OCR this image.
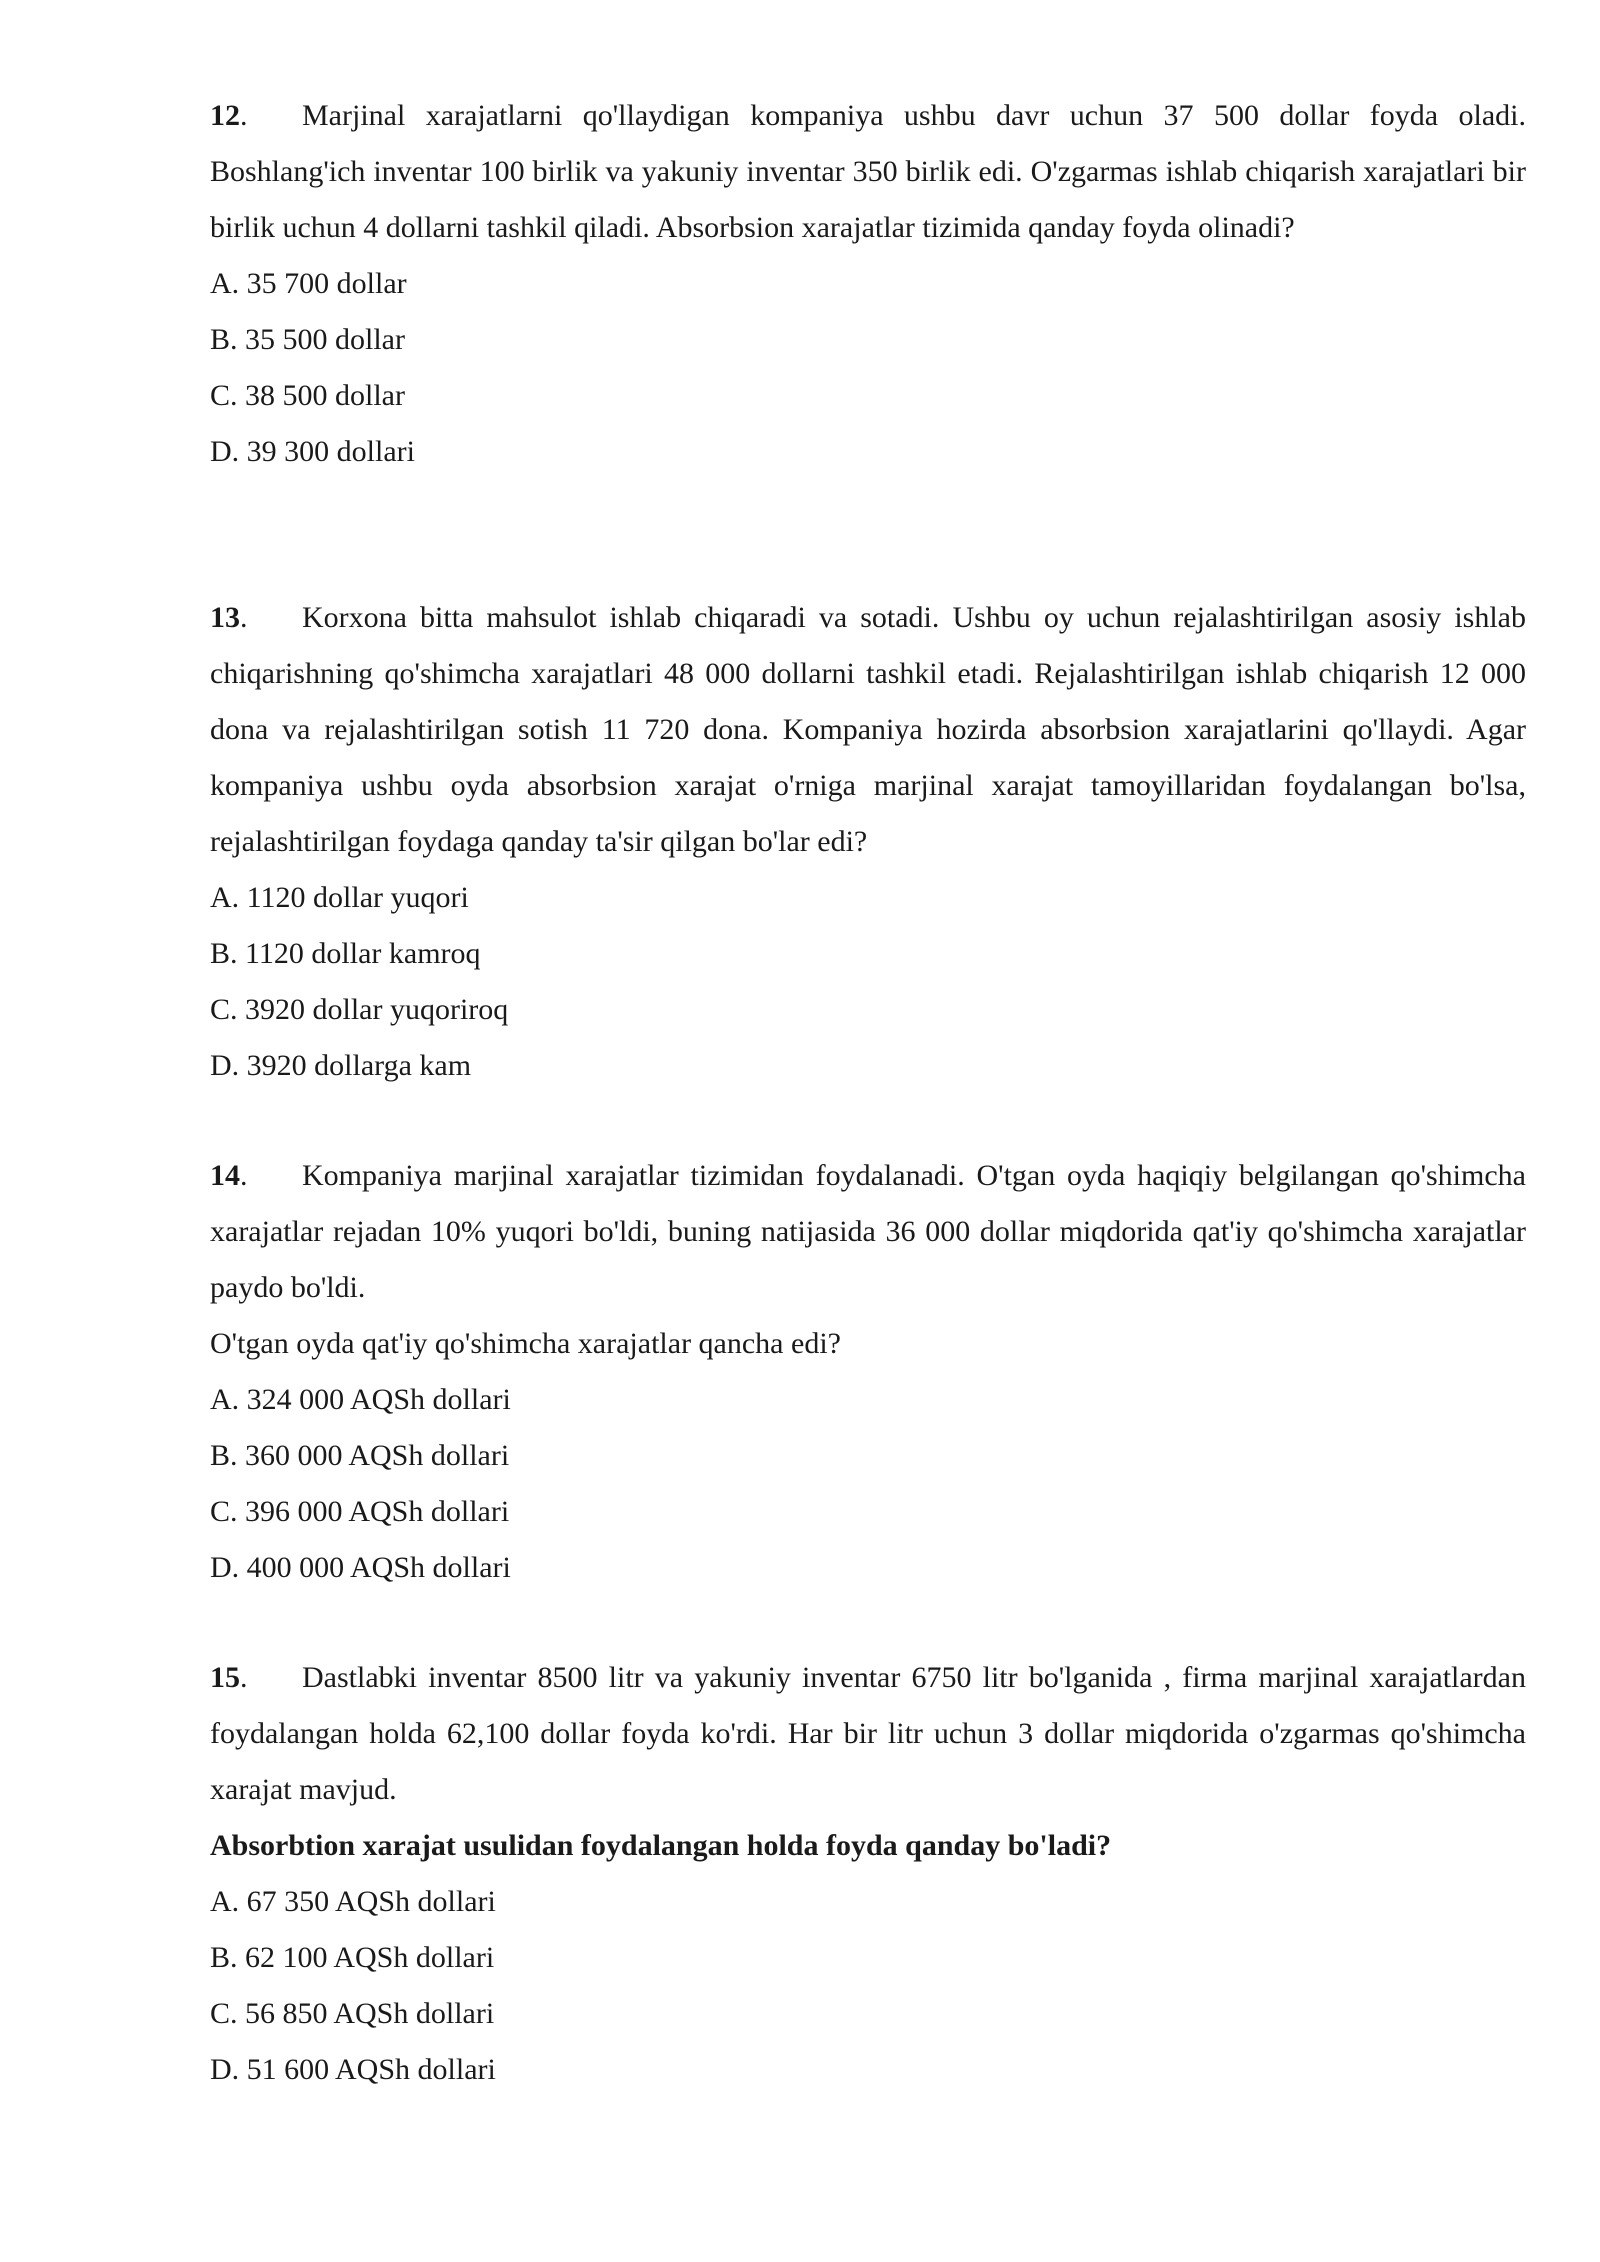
12. Marjinal xarajatlarni qo'llaydigan kompaniya ushbu davr uchun 37 500 dollar foyda oladi. Boshlang'ich inventar 100 birlik va yakuniy inventar 350 birlik edi. O'zgarmas ishlab chiqarish xarajatlari bir birlik uchun 4 dollarni tashkil qiladi. Absorbsion xarajatlar tizimida qanday foyda olinadi?

A. 35 700 dollar
B. 35 500 dollar
C. 38 500 dollar
D. 39 300 dollari

13. Korxona bitta mahsulot ishlab chiqaradi va sotadi. Ushbu oy uchun rejalashtirilgan asosiy ishlab chiqarishning qo'shimcha xarajatlari 48 000 dollarni tashkil etadi. Rejalashtirilgan ishlab chiqarish 12 000 dona va rejalashtirilgan sotish 11 720 dona. Kompaniya hozirda absorbsion xarajatlarini qo'llaydi. Agar kompaniya ushbu oyda absorbsion xarajat o'rniga marjinal xarajat tamoyillaridan foydalangan bo'lsa, rejalashtirilgan foydaga qanday ta'sir qilgan bo'lar edi?

A. 1120 dollar yuqori
B. 1120 dollar kamroq
C. 3920 dollar yuqoriroq
D. 3920 dollarga kam

14. Kompaniya marjinal xarajatlar tizimidan foydalanadi. O'tgan oyda haqiqiy belgilangan qo'shimcha xarajatlar rejadan 10% yuqori bo'ldi, buning natijasida 36 000 dollar miqdorida qat'iy qo'shimcha xarajatlar paydo bo'ldi.

O'tgan oyda qat'iy qo'shimcha xarajatlar qancha edi?

A. 324 000 AQSh dollari
B. 360 000 AQSh dollari
C. 396 000 AQSh dollari
D. 400 000 AQSh dollari

15. Dastlabki inventar 8500 litr va yakuniy inventar 6750 litr bo'lganida , firma marjinal xarajatlardan foydalangan holda 62,100 dollar foyda ko'rdi. Har bir litr uchun 3 dollar miqdorida o'zgarmas qo'shimcha xarajat mavjud.

Absorbtion xarajat usulidan foydalangan holda foyda qanday bo'ladi?

A. 67 350 AQSh dollari
B. 62 100 AQSh dollari
C. 56 850 AQSh dollari
D. 51 600 AQSh dollari
